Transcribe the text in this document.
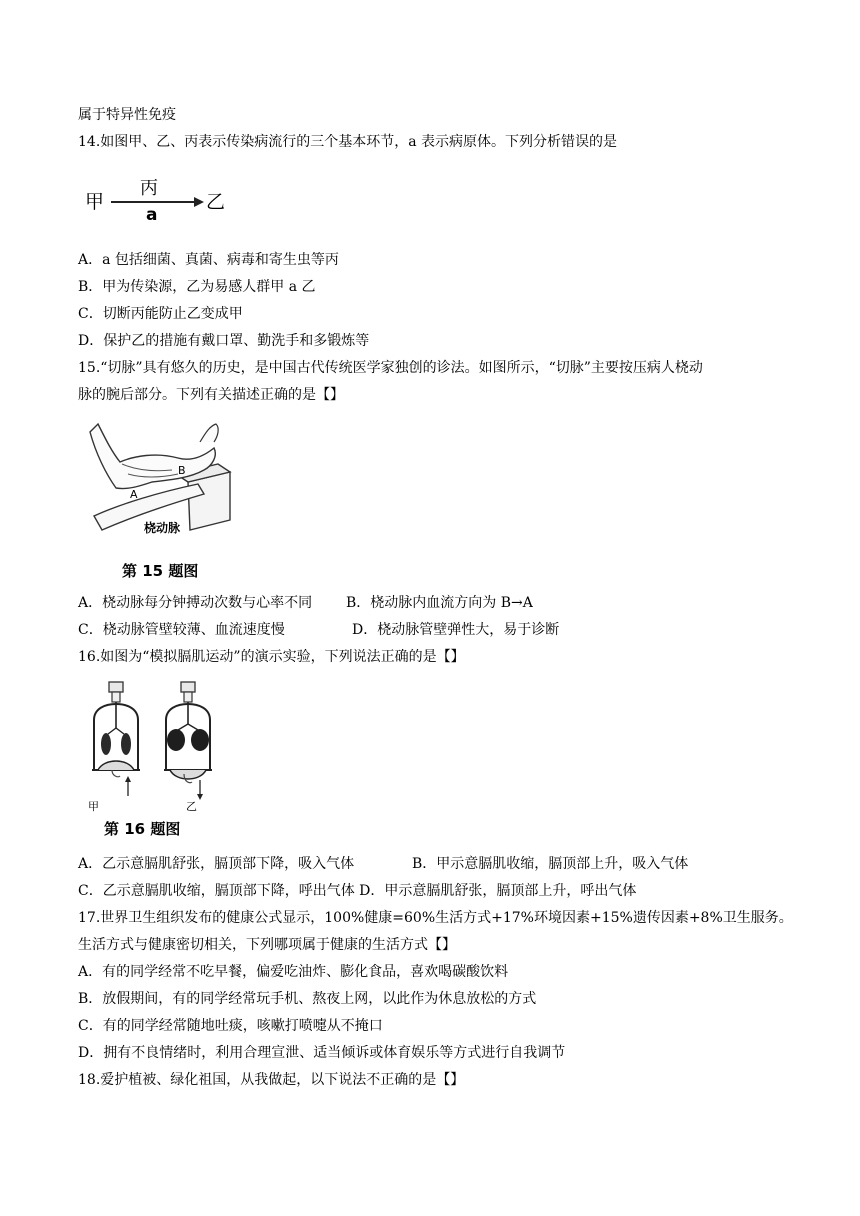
属于特异性免疫
14.如图甲、乙、丙表示传染病流行的三个基本环节，a 表示病原体。下列分析错误的是
甲
丙
a
乙
A．a 包括细菌、真菌、病毒和寄生虫等丙
B．甲为传染源，乙为易感人群甲 a 乙
C．切断丙能防止乙变成甲
D．保护乙的措施有戴口罩、勤洗手和多锻炼等
15.“切脉”具有悠久的历史，是中国古代传统医学家独创的诊法。如图所示，“切脉”主要按压病人桡动
脉的腕后部分。下列有关描述正确的是【】
B
A
桡动脉
第 15 题图
A．桡动脉每分钟搏动次数与心率不同 B．桡动脉内血流方向为 B→A
C．桡动脉管壁较薄、血流速度慢	D．桡动脉管壁弹性大，易于诊断
16.如图为“模拟膈肌运动”的演示实验，下列说法正确的是【】
甲	乙
第 16 题图
A．乙示意膈肌舒张，膈顶部下降，吸入气体	B．甲示意膈肌收缩，膈顶部上升，吸入气体
C．乙示意膈肌收缩，膈顶部下降，呼出气体 D．甲示意膈肌舒张，膈顶部上升，呼出气体
17.世界卫生组织发布的健康公式显示，100%健康=60%生活方式+17%环境因素+15%遗传因素+8%卫生服务。
生活方式与健康密切相关，下列哪项属于健康的生活方式【】
A．有的同学经常不吃早餐，偏爱吃油炸、膨化食品，喜欢喝碳酸饮料
B．放假期间，有的同学经常玩手机、熬夜上网，以此作为休息放松的方式
C．有的同学经常随地吐痰，咳嗽打喷嚏从不掩口
D．拥有不良情绪时，利用合理宣泄、适当倾诉或体育娱乐等方式进行自我调节
18.爱护植被、绿化祖国，从我做起，以下说法不正确的是【】
